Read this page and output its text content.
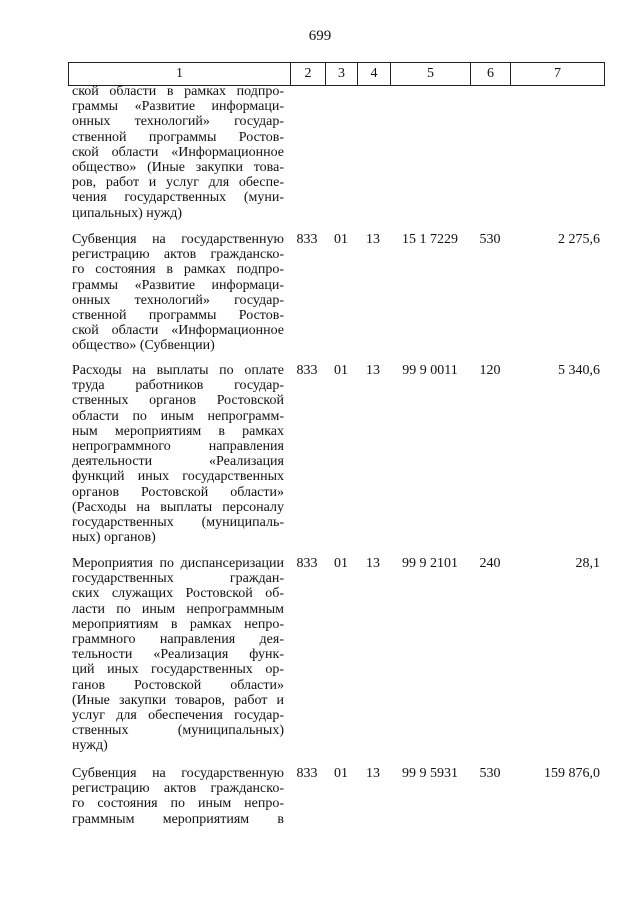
699
1	2	3	4	5	6	7
ской области в рамках подпро-
граммы «Развитие информаци-
онных технологий» государ-
ственной программы Ростов-
ской области «Информационное
общество» (Иные закупки това-
ров, работ и услуг для обеспе-
чения государственных (муни-
ципальных) нужд)
Субвенция на государственную
регистрацию актов гражданско-
го состояния в рамках подпро-
граммы «Развитие информаци-
онных технологий» государ-
ственной программы Ростов-
ской области «Информационное
общество» (Субвенции)
833	01	13	15 1 7229	530	2 275,6
Расходы на выплаты по оплате
труда работников государ-
ственных органов Ростовской
области по иным непрограмм-
ным мероприятиям в рамках
непрограммного направления
деятельности «Реализация
функций иных государственных
органов Ростовской области»
(Расходы на выплаты персоналу
государственных (муниципаль-
ных) органов)
833	01	13	99 9 0011	120	5 340,6
Мероприятия по диспансеризации
государственных граждан-
ских служащих Ростовской об-
ласти по иным непрограммным
мероприятиям в рамках непро-
граммного направления дея-
тельности «Реализация функ-
ций иных государственных ор-
ганов Ростовской области»
(Иные закупки товаров, работ и
услуг для обеспечения государ-
ственных (муниципальных)
нужд)
833	01	13	99 9 2101	240	28,1
Субвенция на государственную
регистрацию актов гражданско-
го состояния по иным непро-
граммным мероприятиям в
833	01	13	99 9 5931	530	159 876,0
